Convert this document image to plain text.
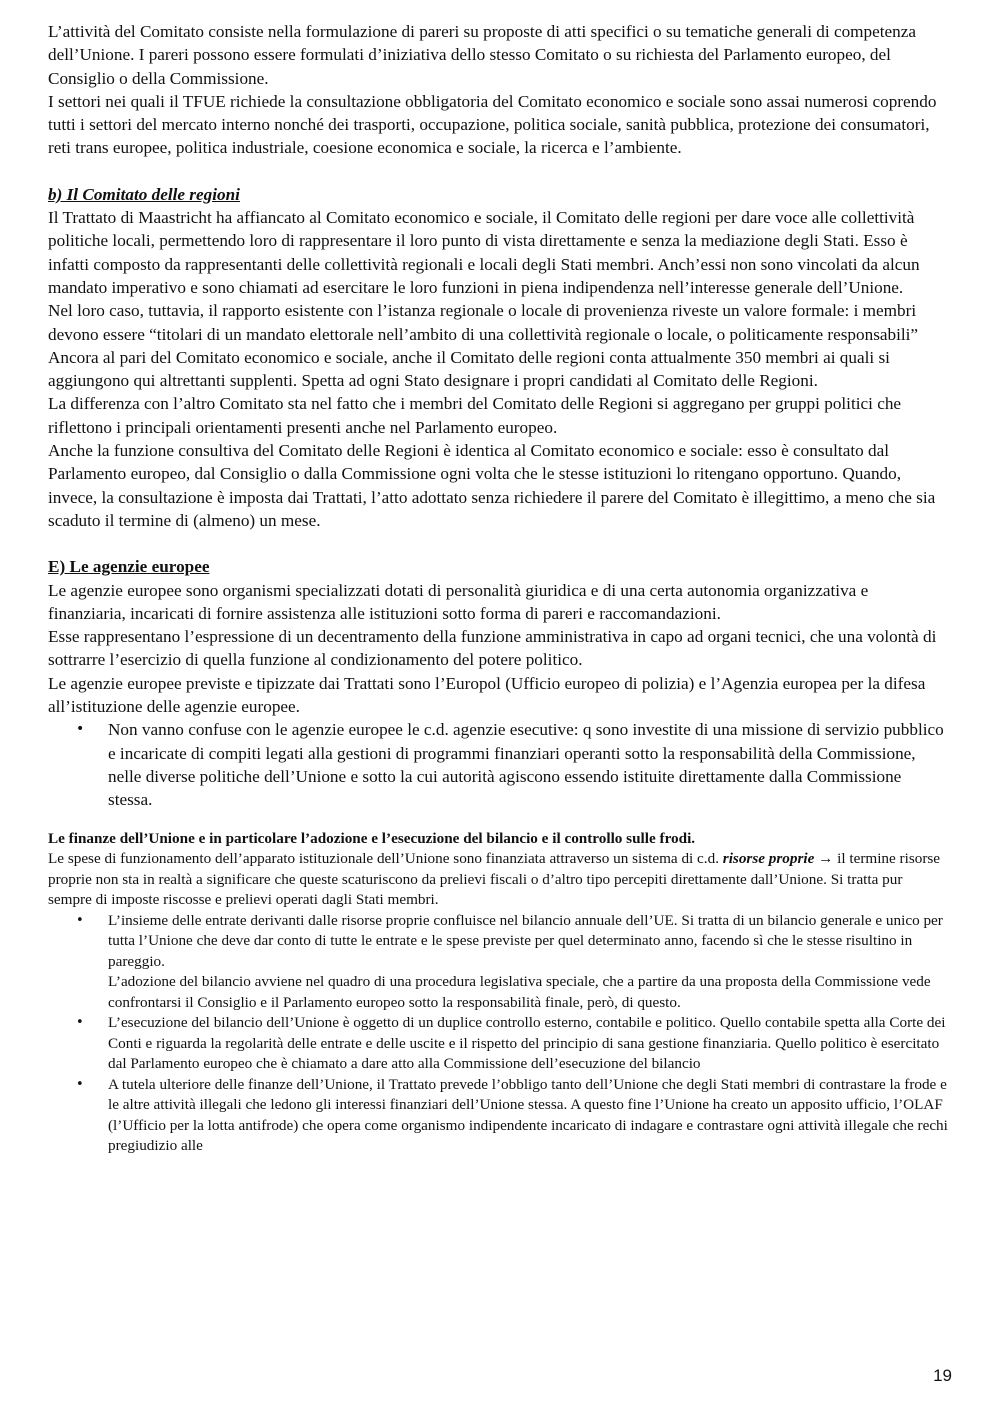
L’attività del Comitato consiste nella formulazione di pareri su proposte di atti specifici o su tematiche generali di competenza dell’Unione. I pareri possono essere formulati d’iniziativa dello stesso Comitato o su richiesta del Parlamento europeo, del Consiglio o della Commissione.

I settori nei quali il TFUE richiede la consultazione obbligatoria del Comitato economico e sociale sono assai numerosi coprendo tutti i settori del mercato interno nonché dei trasporti, occupazione, politica sociale, sanità pubblica, protezione dei consumatori, reti trans europee, politica industriale, coesione economica e sociale, la ricerca e l’ambiente.

b) Il Comitato delle regioni

Il Trattato di Maastricht ha affiancato al Comitato economico e sociale, il Comitato delle regioni per dare voce alle collettività politiche locali, permettendo loro di rappresentare il loro punto di vista direttamente e senza la mediazione degli Stati. Esso è infatti composto da rappresentanti delle collettività regionali e locali degli Stati membri. Anch’essi non sono vincolati da alcun mandato imperativo e sono chiamati ad esercitare le loro funzioni in piena indipendenza nell’interesse generale dell’Unione.

Nel loro caso, tuttavia, il rapporto esistente con l’istanza regionale o locale di provenienza riveste un valore formale: i membri devono essere “titolari di un mandato elettorale nell’ambito di una collettività regionale o locale, o politicamente responsabili”

Ancora al pari del Comitato economico e sociale, anche il Comitato delle regioni conta attualmente 350 membri ai quali si aggiungono qui altrettanti supplenti. Spetta ad ogni Stato designare i propri candidati al Comitato delle Regioni.

La differenza con l’altro Comitato sta nel fatto che i membri del Comitato delle Regioni si aggregano per gruppi politici che riflettono i principali orientamenti presenti anche nel Parlamento europeo.

Anche la funzione consultiva del Comitato delle Regioni è identica al Comitato economico e sociale: esso è consultato dal Parlamento europeo, dal Consiglio o dalla Commissione ogni volta che le stesse istituzioni lo ritengano opportuno. Quando, invece, la consultazione è imposta dai Trattati, l’atto adottato senza richiedere il parere del Comitato è illegittimo, a meno che sia scaduto il termine di (almeno) un mese.

E) Le agenzie europee

Le agenzie europee sono organismi specializzati dotati di personalità giuridica e di una certa autonomia organizzativa e finanziaria, incaricati di fornire assistenza alle istituzioni sotto forma di pareri e raccomandazioni.

Esse rappresentano l’espressione di un decentramento della funzione amministrativa in capo ad organi tecnici, che una volontà di sottrarre l’esercizio di quella funzione al condizionamento del potere politico.

Le agenzie europee previste e tipizzate dai Trattati sono l’Europol (Ufficio europeo di polizia) e l’Agenzia europea per la difesa all’istituzione delle agenzie europee.

• Non vanno confuse con le agenzie europee le c.d. agenzie esecutive: q sono investite di una missione di servizio pubblico e incaricate di compiti legati alla gestioni di programmi finanziari operanti sotto la responsabilità della Commissione, nelle diverse politiche dell’Unione e sotto la cui autorità agiscono essendo istituite direttamente dalla Commissione stessa.

Le finanze dell’Unione e in particolare l’adozione e l’esecuzione del bilancio e il controllo sulle frodi.

Le spese di funzionamento dell’apparato istituzionale dell’Unione sono finanziata attraverso un sistema di c.d. risorse proprie → il termine risorse proprie non sta in realtà a significare che queste scaturiscono da prelievi fiscali o d’altro tipo percepiti direttamente dall’Unione. Si tratta pur sempre di imposte riscosse e prelievi operati dagli Stati membri.

• L’insieme delle entrate derivanti dalle risorse proprie confluisce nel bilancio annuale dell’UE. Si tratta di un bilancio generale e unico per tutta l’Unione che deve dar conto di tutte le entrate e le spese previste per quel determinato anno, facendo sì che le stesse risultino in pareggio.
L’adozione del bilancio avviene nel quadro di una procedura legislativa speciale, che a partire da una proposta della Commissione vede confrontarsi il Consiglio e il Parlamento europeo sotto la responsabilità finale, però, di questo.
• L’esecuzione del bilancio dell’Unione è oggetto di un duplice controllo esterno, contabile e politico. Quello contabile spetta alla Corte dei Conti e riguarda la regolarità delle entrate e delle uscite e il rispetto del principio di sana gestione finanziaria. Quello politico è esercitato dal Parlamento europeo che è chiamato a dare atto alla Commissione dell’esecuzione del bilancio
• A tutela ulteriore delle finanze dell’Unione, il Trattato prevede l’obbligo tanto dell’Unione che degli Stati membri di contrastare la frode e le altre attività illegali che ledono gli interessi finanziari dell’Unione stessa. A questo fine l’Unione ha creato un apposito ufficio, l’OLAF (l’Ufficio per la lotta antifrode) che opera come organismo indipendente incaricato di indagare e contrastare ogni attività illegale che rechi pregiudizio alle
19
